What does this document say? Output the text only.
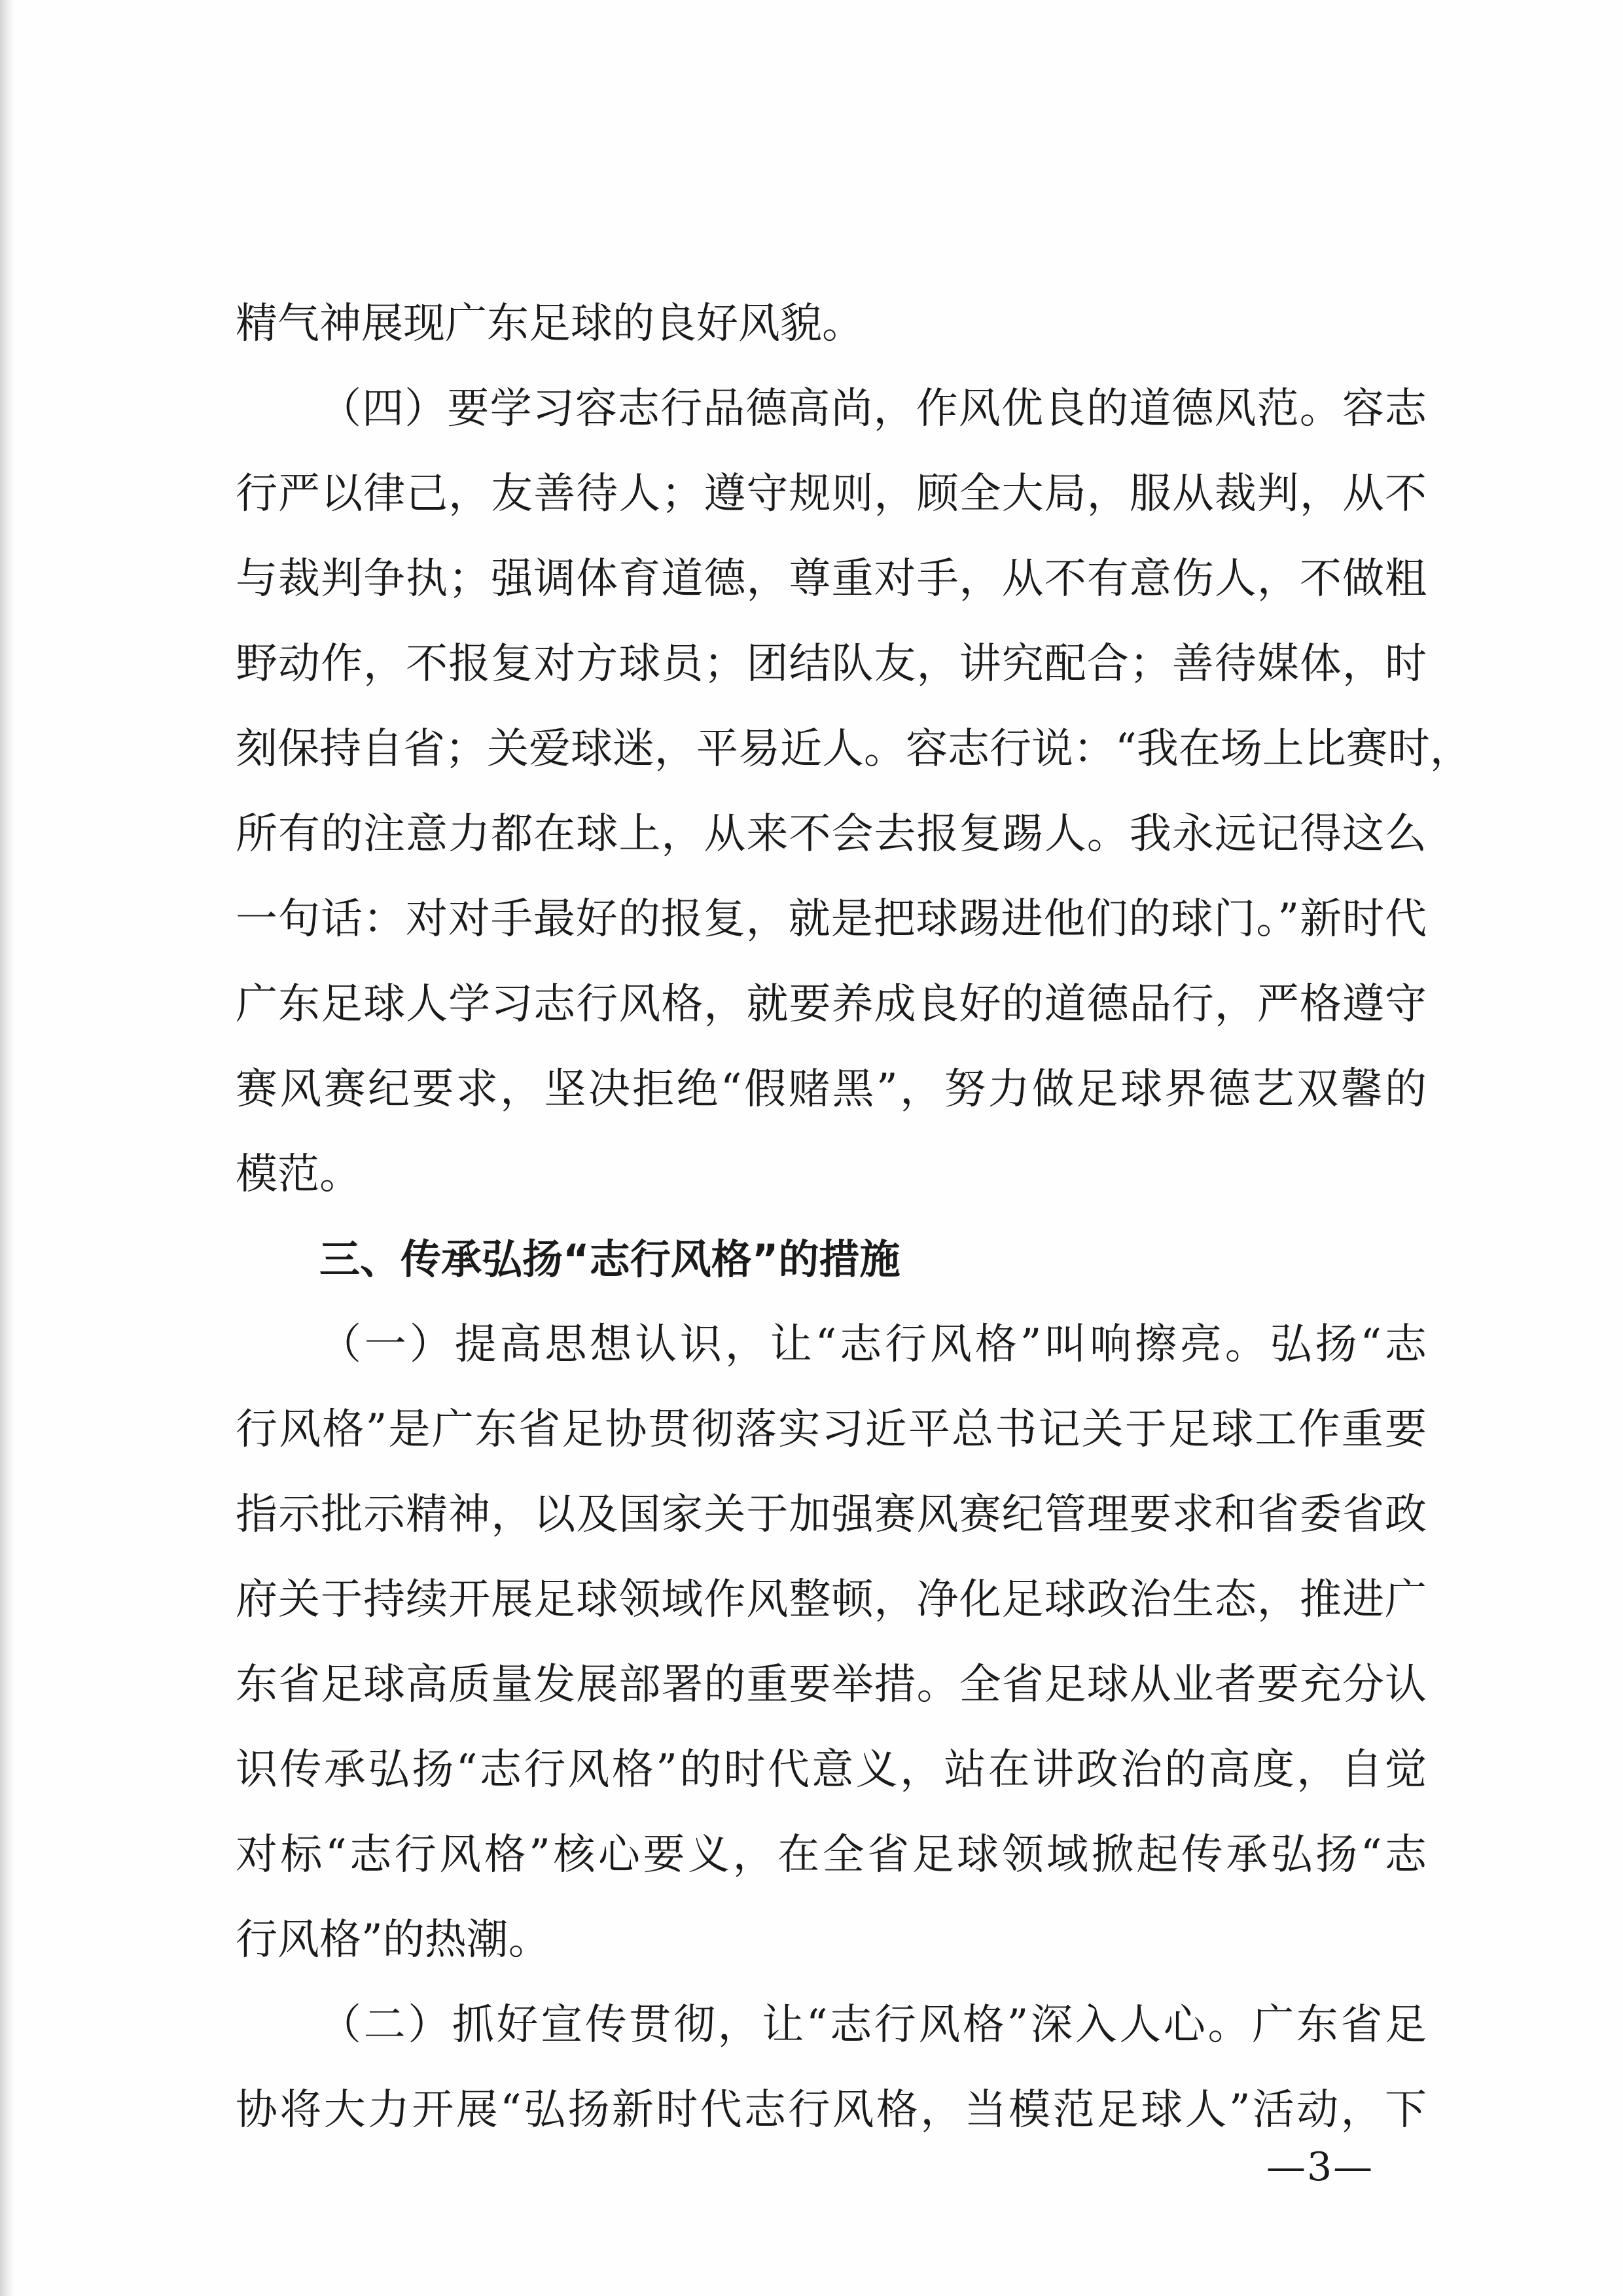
精气神展现广东足球的良好风貌。
（四）要学习容志行品德高尚，作风优良的道德风范。容志
行严以律己，友善待人；遵守规则，顾全大局，服从裁判，从不
与裁判争执；强调体育道德，尊重对手，从不有意伤人，不做粗
野动作，不报复对方球员；团结队友，讲究配合；善待媒体，时
刻保持自省；关爱球迷，平易近人。容志行说：“我在场上比赛时，
所有的注意力都在球上，从来不会去报复踢人。我永远记得这么
一句话：对对手最好的报复，就是把球踢进他们的球门。”新时代
广东足球人学习志行风格，就要养成良好的道德品行，严格遵守
赛风赛纪要求，坚决拒绝“假赌黑”，努力做足球界德艺双馨的
模范。
三、传承弘扬“志行风格”的措施
（一）提高思想认识，让“志行风格”叫响擦亮。弘扬“志
行风格”是广东省足协贯彻落实习近平总书记关于足球工作重要
指示批示精神，以及国家关于加强赛风赛纪管理要求和省委省政
府关于持续开展足球领域作风整顿，净化足球政治生态，推进广
东省足球高质量发展部署的重要举措。全省足球从业者要充分认
识传承弘扬“志行风格”的时代意义，站在讲政治的高度，自觉
对标“志行风格”核心要义，在全省足球领域掀起传承弘扬“志
行风格”的热潮。
（二）抓好宣传贯彻，让“志行风格”深入人心。广东省足
协将大力开展“弘扬新时代志行风格，当模范足球人”活动，下
—3—
